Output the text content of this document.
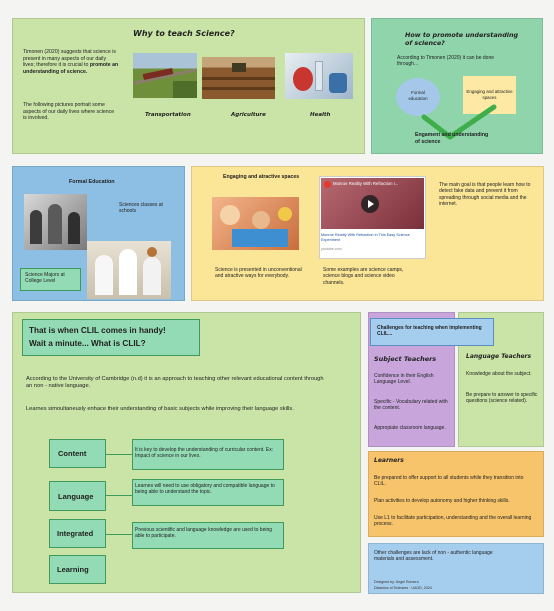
Why to teach Science?
Timonen (2020) suggests that science is present in many aspects of our daily lives; therefore it is crucial to promote an understanding of science.
The following pictures portrait some aspects of our daily lives where science is involved.	Transportation	Agriculture	Health
How to promote understanding of science?
According to Timonen (2020) it can be done through...
Formal education
Engaging and attractive spaces
Engament and understanding of science
Formal Education
Sciences classes at schools
Science Majors at College Level
Engaging and atractive spaces
Monroe Reality With Refraction I...
Monroe Reality With Refraction in This Easy Science Experiment
youtube.com
Science is presented in unconventional and atractive ways for everybody.
Some examples are science camps, science blogs and science video channels.
The main goal is that people learn how to detect fake data and prevent it from spreading through social media and the internet.
That is when CLIL comes in handy!
Wait a minute... What is CLIL?
According to the University of Cambridge (n.d) it is an approach to teaching other relevant educational content through an non - native language.
Learnes simoultaneusly enhace their understanding of basic subjects while improving their language skills.
Content	It is key to develop the understanding of curricular content. Ex: Impact of science in our lives.
Language
Learnes will need to use obligatory and compatible language to being able to understand the topic.
Integrated	Previous scientific and language knowledge are used to being able to participate.
Learning
Challenges for teaching when implementing CLIL...
Subject Teachers
Confidence in their English Language Level.
Specific - Vocabulary related with the content.
Appropiate classroom language.
Language Teachers
Knowledge about the subject.
Be prepare to answer to specific questions (science related).
Learners
Be prepared to offer support to all students while they transition into CLIL.
Plan activities to develop autonomy and higher thinking skills.
Use L1 to facilitate participation, understanding and the overall learning process.
Other challenges are lack of non - authentic language materials and assessment.
Designed by: Angel Romero
Didactics of Sciences · UAGD, 2024
